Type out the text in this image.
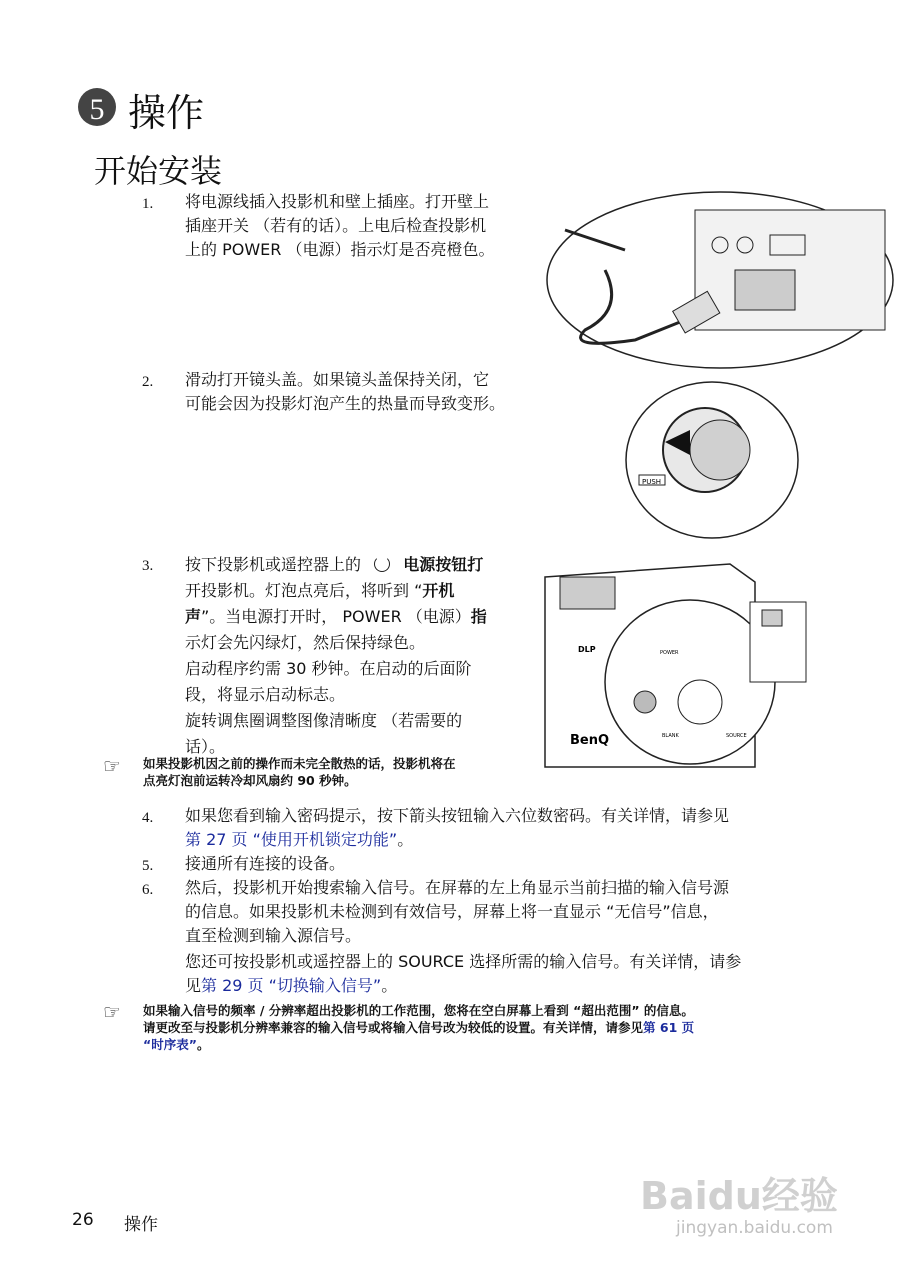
5 操作
开始安装
1. 将电源线插入投影机和壁上插座。打开壁上
插座开关 （若有的话）。上电后检查投影机
上的 POWER （电源）指示灯是否亮橙色。
2. 滑动打开镜头盖。如果镜头盖保持关闭，它
可能会因为投影灯泡产生的热量而导致变形。
PUSH
3. 按下投影机或遥控器上的	电源按钮打
开投影机。灯泡点亮后，将听到 “开机
声”。当电源打开时， POWER （电源）指
示灯会先闪绿灯，然后保持绿色。
启动程序约需 30 秒钟。在启动的后面阶
段，将显示启动标志。
旋转调焦圈调整图像清晰度 （若需要的
话）。
POWER
BLANK	SOURCE
DLP
BenQ
☞ 如果投影机因之前的操作而未完全散热的话，投影机将在
点亮灯泡前运转冷却风扇约 90 秒钟。
4. 如果您看到输入密码提示，按下箭头按钮输入六位数密码。有关详情，请参见
第 27 页 “使用开机锁定功能”。
5. 接通所有连接的设备。
6. 然后，投影机开始搜索输入信号。在屏幕的左上角显示当前扫描的输入信号源
的信息。如果投影机未检测到有效信号，屏幕上将一直显示 “无信号”信息，
直至检测到输入源信号。
您还可按投影机或遥控器上的 SOURCE 选择所需的输入信号。有关详情，请参
见第 29 页 “切换输入信号”。
☞ 如果输入信号的频率 / 分辨率超出投影机的工作范围，您将在空白屏幕上看到 “超出范围” 的信息。
请更改至与投影机分辨率兼容的输入信号或将输入信号改为较低的设置。有关详情，请参见第 61 页
“时序表”。
26 操作
Baidu经验
jingyan.baidu.com
